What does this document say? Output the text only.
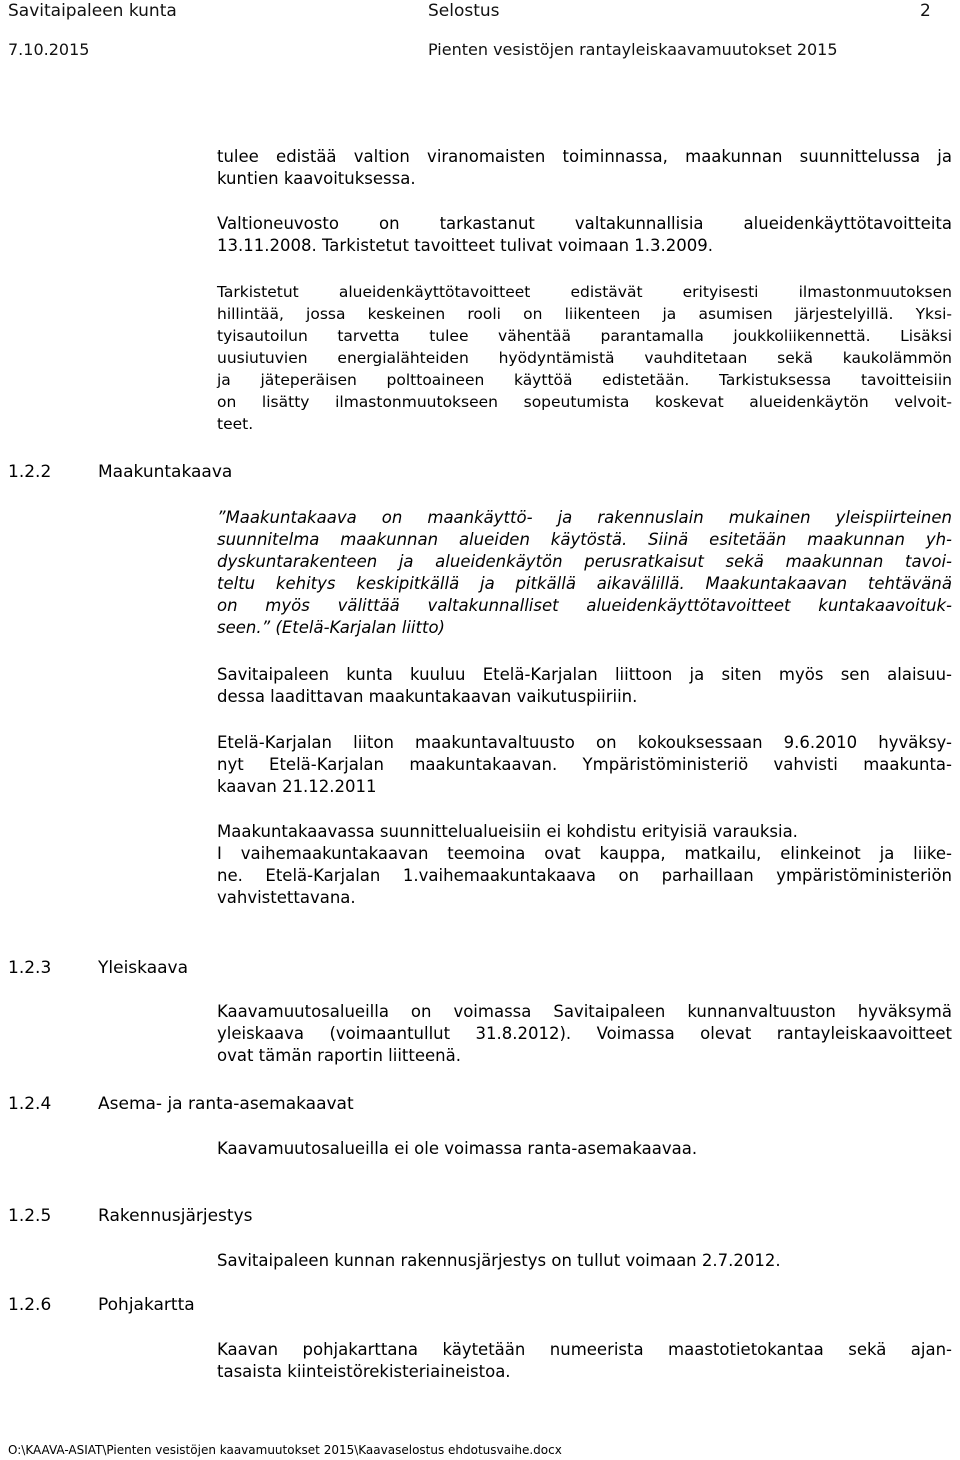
Savitaipaleen kunta	Selostus	2
7.10.2015	Pienten vesistöjen rantayleiskaavamuutokset 2015
tulee edistää valtion viranomaisten toiminnassa, maakunnan suunnittelussa ja
kuntien kaavoituksessa.
Valtioneuvosto on tarkastanut valtakunnallisia alueidenkäyttötavoitteita
13.11.2008. Tarkistetut tavoitteet tulivat voimaan 1.3.2009.
Tarkistetut alueidenkäyttötavoitteet edistävät erityisesti ilmastonmuutoksen
hillintää, jossa keskeinen rooli on liikenteen ja asumisen järjestelyillä. Yksi-
tyisautoilun tarvetta tulee vähentää parantamalla joukkoliikennettä. Lisäksi
uusiutuvien energialähteiden hyödyntämistä vauhditetaan sekä kaukolämmön
ja jäteperäisen polttoaineen käyttöä edistetään. Tarkistuksessa tavoitteisiin
on lisätty ilmastonmuutokseen sopeutumista koskevat alueidenkäytön velvoit-
teet.
1.2.2	Maakuntakaava
”Maakuntakaava on maankäyttö- ja rakennuslain mukainen yleispiirteinen
suunnitelma maakunnan alueiden käytöstä. Siinä esitetään maakunnan yh-
dyskuntarakenteen ja alueidenkäytön perusratkaisut sekä maakunnan tavoi-
teltu kehitys keskipitkällä ja pitkällä aikavälillä. Maakuntakaavan tehtävänä
on myös välittää valtakunnalliset alueidenkäyttötavoitteet kuntakaavoituk-
seen.” (Etelä-Karjalan liitto)
Savitaipaleen kunta kuuluu Etelä-Karjalan liittoon ja siten myös sen alaisuu-
dessa laadittavan maakuntakaavan vaikutuspiiriin.
Etelä-Karjalan liiton maakuntavaltuusto on kokouksessaan 9.6.2010 hyväksy-
nyt Etelä-Karjalan maakuntakaavan. Ympäristöministeriö vahvisti maakunta-
kaavan 21.12.2011
Maakuntakaavassa suunnittelualueisiin ei kohdistu erityisiä varauksia.
I vaihemaakuntakaavan teemoina ovat kauppa, matkailu, elinkeinot ja liike-
ne. Etelä-Karjalan 1.vaihemaakuntakaava on parhaillaan ympäristöministeriön
vahvistettavana.
1.2.3	Yleiskaava
Kaavamuutosalueilla on voimassa Savitaipaleen kunnanvaltuuston hyväksymä
yleiskaava (voimaantullut 31.8.2012). Voimassa olevat rantayleiskaavoitteet
ovat tämän raportin liitteenä.
1.2.4	Asema- ja ranta-asemakaavat
Kaavamuutosalueilla ei ole voimassa ranta-asemakaavaa.
1.2.5	Rakennusjärjestys
Savitaipaleen kunnan rakennusjärjestys on tullut voimaan 2.7.2012.
1.2.6	Pohjakartta
Kaavan pohjakarttana käytetään numeerista maastotietokantaa sekä ajan-
tasaista kiinteistörekisteriaineistoa.
O:\KAAVA-ASIAT\Pienten vesistöjen kaavamuutokset 2015\Kaavaselostus ehdotusvaihe.docx
